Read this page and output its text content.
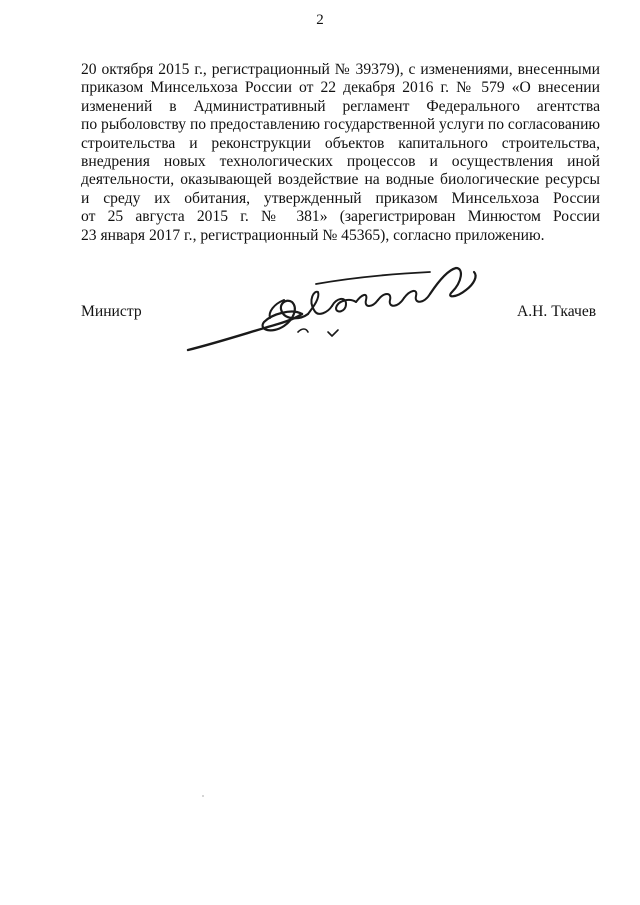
2

20 октября 2015 г., регистрационный № 39379), с изменениями, внесенными
приказом Минсельхоза России от 22 декабря 2016 г. № 579 «О внесении
изменений в Административный регламент Федерального агентства
по рыболовству по предоставлению государственной услуги по согласованию
строительства и реконструкции объектов капитального строительства,
внедрения новых технологических процессов и осуществления иной
деятельности, оказывающей воздействие на водные биологические ресурсы
и среду их обитания, утвержденный приказом Минсельхоза России
от 25 августа 2015 г. № 381» (зарегистрирован Минюстом России
23 января 2017 г., регистрационный № 45365), согласно приложению.

Министр	А.Н. Ткачев
